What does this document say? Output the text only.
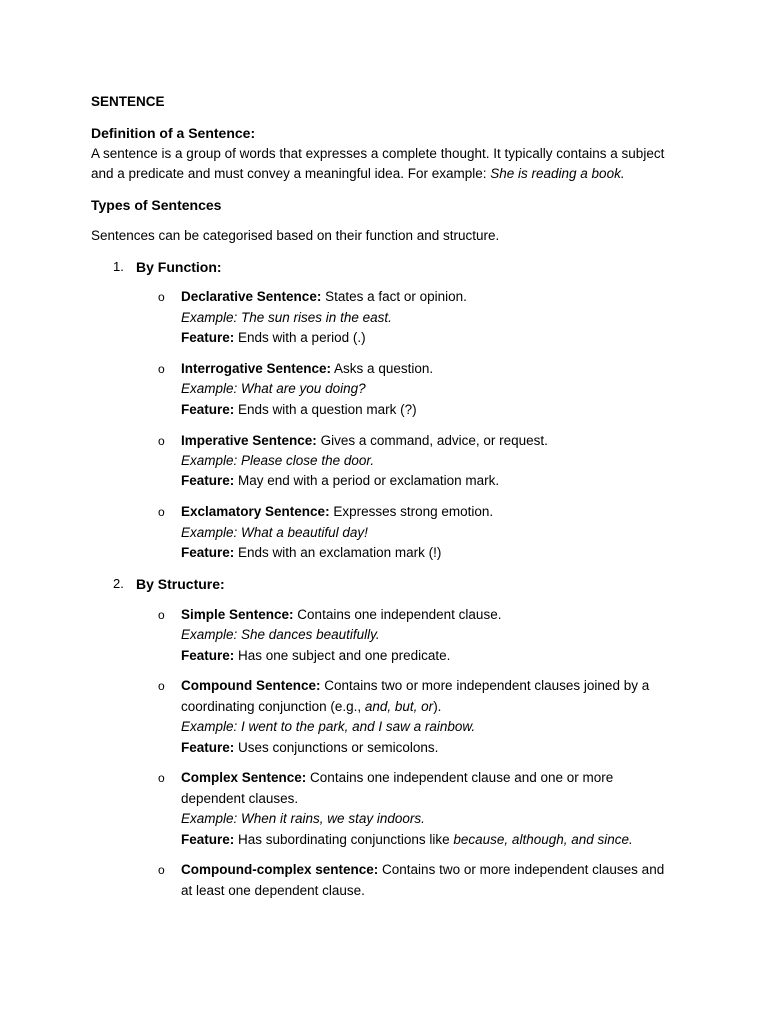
SENTENCE
Definition of a Sentence:
A sentence is a group of words that expresses a complete thought. It typically contains a subject
and a predicate and must convey a meaningful idea. For example: She is reading a book.
Types of Sentences
Sentences can be categorised based on their function and structure.
1. By Function:
o Declarative Sentence: States a fact or opinion.
Example: The sun rises in the east.
Feature: Ends with a period (.)
o Interrogative Sentence: Asks a question.
Example: What are you doing?
Feature: Ends with a question mark (?)
o Imperative Sentence: Gives a command, advice, or request.
Example: Please close the door.
Feature: May end with a period or exclamation mark.
o Exclamatory Sentence: Expresses strong emotion.
Example: What a beautiful day!
Feature: Ends with an exclamation mark (!)
2. By Structure:
o Simple Sentence: Contains one independent clause.
Example: She dances beautifully.
Feature: Has one subject and one predicate.
o Compound Sentence: Contains two or more independent clauses joined by a
coordinating conjunction (e.g., and, but, or).
Example: I went to the park, and I saw a rainbow.
Feature: Uses conjunctions or semicolons.
o Complex Sentence: Contains one independent clause and one or more
dependent clauses.
Example: When it rains, we stay indoors.
Feature: Has subordinating conjunctions like because, although, and since.
o Compound-complex sentence: Contains two or more independent clauses and
at least one dependent clause.
